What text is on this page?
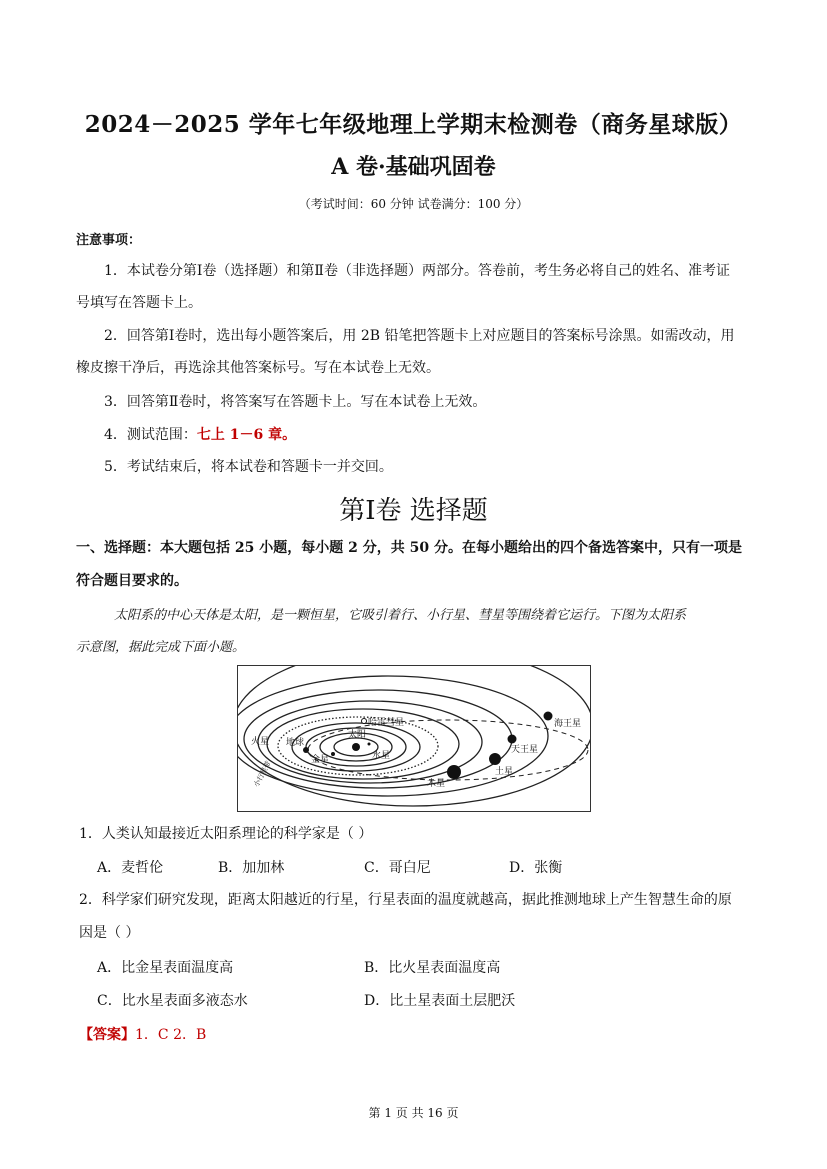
2024－2025 学年七年级地理上学期末检测卷（商务星球版）
A 卷·基础巩固卷
（考试时间：60 分钟 试卷满分：100 分）
注意事项：
1．本试卷分第Ⅰ卷（选择题）和第Ⅱ卷（非选择题）两部分。答卷前，考生务必将自己的姓名、准考证
号填写在答题卡上。
2．回答第Ⅰ卷时，选出每小题答案后，用 2B 铅笔把答题卡上对应题目的答案标号涂黑。如需改动，用
橡皮擦干净后，再选涂其他答案标号。写在本试卷上无效。
3．回答第Ⅱ卷时，将答案写在答题卡上。写在本试卷上无效。
4．测试范围：七上 1－6 章。
5．考试结束后，将本试卷和答题卡一并交回。
第Ⅰ卷 选择题
一、选择题：本大题包括 25 小题，每小题 2 分，共 50 分。在每小题给出的四个备选答案中，只有一项是
符合题目要求的。
太阳系的中心天体是太阳，是一颗恒星，它吸引着行、小行星、彗星等围绕着它运行。下图为太阳系
示意图，据此完成下面小题。
太阳
水星
金星
地球
火星
木星
土星
天王星
海王星
哈雷彗星
小行星带
1．人类认知最接近太阳系理论的科学家是（ ）
A．麦哲伦	B．加加林	C．哥白尼	D．张衡
2．科学家们研究发现，距离太阳越近的行星，行星表面的温度就越高，据此推测地球上产生智慧生命的原
因是（ ）
A．比金星表面温度高	B．比火星表面温度高
C．比水星表面多液态水	D．比土星表面土层肥沃
【答案】1．C 2．B
第 1 页 共 16 页
